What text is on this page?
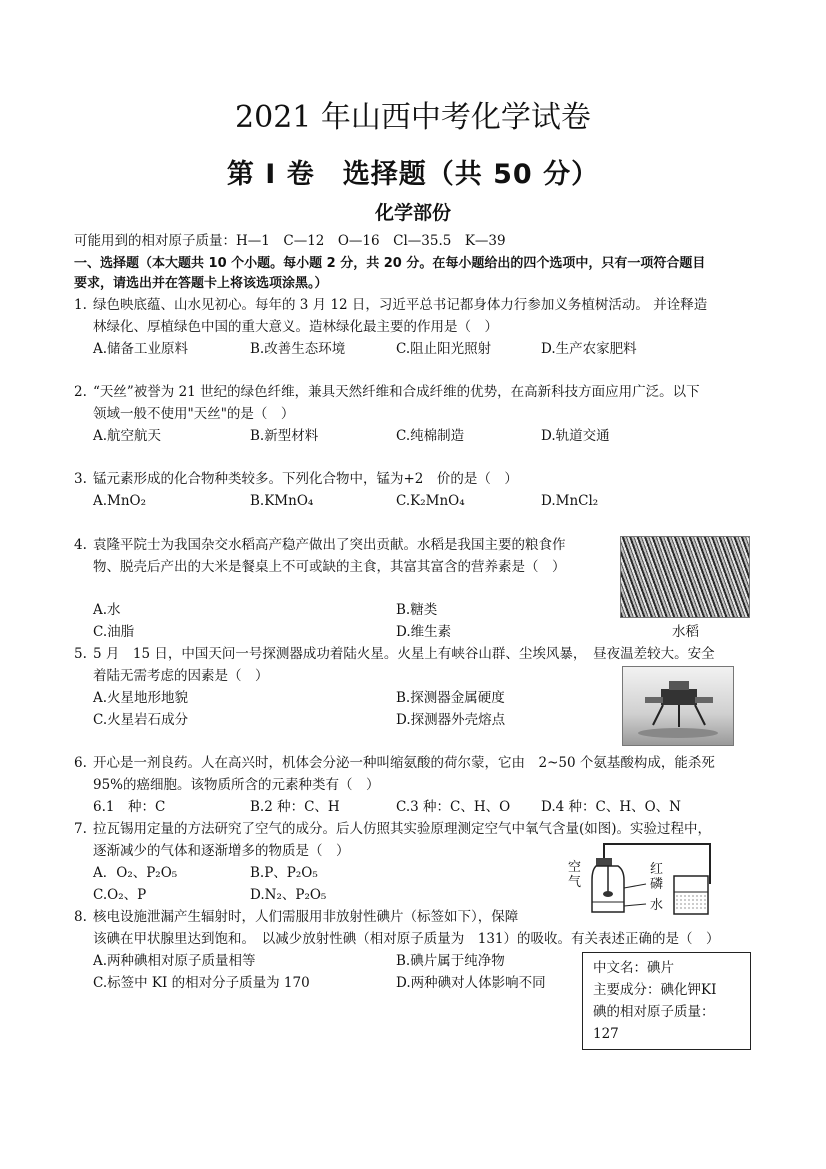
2021 年山西中考化学试卷
第 I 卷　选择题（共 50 分）
化学部份
可能用到的相对原子质量：H—1　C—12　O—16　Cl—35.5　K—39
一、选择题（本大题共 10 个小题。每小题 2 分，共 20 分。在每小题给出的四个选项中，只有一项符合题目
要求，请选出并在答题卡上将该选项涂黑。）
1. 绿色映底蕴、山水见初心。每年的 3 月 12 日，习近平总书记都身体力行参加义务植树活动。 并诠释造
林绿化、厚植绿色中国的重大意义。造林绿化最主要的作用是（　）
A.储备工业原料	B.改善生态环境	C.阻止阳光照射	D.生产农家肥料
2. “天丝”被誉为 21 世纪的绿色纤维，兼具天然纤维和合成纤维的优势，在高新科技方面应用广泛。以下
领域一般不使用"天丝"的是（　）
A.航空航天	B.新型材料	C.纯棉制造	D.轨道交通
3. 锰元素形成的化合物种类较多。下列化合物中，锰为+2　价的是（　）
A.MnO₂	B.KMnO₄	C.K₂MnO₄	D.MnCl₂
4. 袁隆平院士为我国杂交水稻高产稳产做出了突出贡献。水稻是我国主要的粮食作
物、脱壳后产出的大米是餐桌上不可或缺的主食，其富其富含的营养素是（　）
A.水	B.糖类
C.油脂	D.维生素	水稻
5. 5 月　15 日，中国天问一号探测器成功着陆火星。火星上有峡谷山群、尘埃风暴，　昼夜温差较大。安全
着陆无需考虑的因素是（　）
A.火星地形地貌	B.探测器金属硬度
C.火星岩石成分	D.探测器外壳熔点
6. 开心是一剂良药。人在高兴时，机体会分泌一种叫缩氨酸的荷尔蒙，它由　2~50 个氨基酸构成，能杀死
95%的癌细胞。该物质所含的元素种类有（　）
6.1　种：C	B.2 种：C、H	C.3 种：C、H、O D.4 种：C、H、O、N
7. 拉瓦锡用定量的方法研究了空气的成分。后人仿照其实验原理测定空气中氧气含量(如图)。实验过程中，
逐渐减少的气体和逐渐增多的物质是（　）
A．O₂、P₂O₅	B.P、P₂O₅
C.O₂、P	D.N₂、P₂O₅
空气
红磷
水
8. 核电设施泄漏产生辐射时，人们需服用非放射性碘片（标签如下），保障
该碘在甲状腺里达到饱和。　以减少放射性碘（相对原子质量为　131）的吸收。有关表述正确的是（　）
A.两种碘相对原子质量相等	B.碘片属于纯净物
C.标签中 KI 的相对分子质量为 170	D.两种碘对人体影响不同
中文名：碘片
主要成分：碘化钾KI
碘的相对原子质量：127
